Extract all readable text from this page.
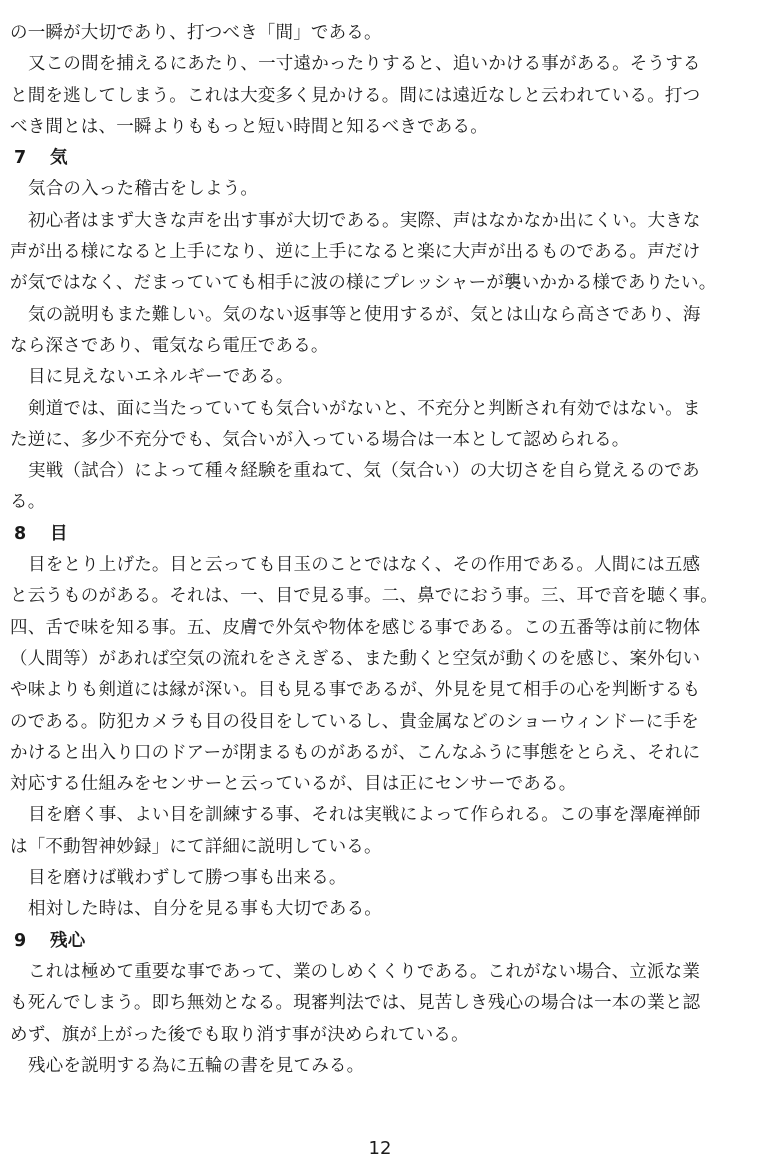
の一瞬が大切であり、打つべき「間」である。
又この間を捕えるにあたり、一寸遠かったりすると、追いかける事がある。そうする
と間を逃してしまう。これは大変多く見かける。間には遠近なしと云われている。打つ
べき間とは、一瞬よりももっと短い時間と知るべきである。
7 気
気合の入った稽古をしよう。
初心者はまず大きな声を出す事が大切である。実際、声はなかなか出にくい。大きな
声が出る様になると上手になり、逆に上手になると楽に大声が出るものである。声だけ
が気ではなく、だまっていても相手に波の様にプレッシャーが襲いかかる様でありたい。
気の説明もまた難しい。気のない返事等と使用するが、気とは山なら高さであり、海
なら深さであり、電気なら電圧である。
目に見えないエネルギーである。
剣道では、面に当たっていても気合いがないと、不充分と判断され有効ではない。ま
た逆に、多少不充分でも、気合いが入っている場合は一本として認められる。
実戦（試合）によって種々経験を重ねて、気（気合い）の大切さを自ら覚えるのであ
る。
8 目
目をとり上げた。目と云っても目玉のことではなく、その作用である。人間には五感
と云うものがある。それは、一、目で見る事。二、鼻でにおう事。三、耳で音を聴く事。
四、舌で味を知る事。五、皮膚で外気や物体を感じる事である。この五番等は前に物体
（人間等）があれば空気の流れをさえぎる、また動くと空気が動くのを感じ、案外匂い
や味よりも剣道には縁が深い。目も見る事であるが、外見を見て相手の心を判断するも
のである。防犯カメラも目の役目をしているし、貴金属などのショーウィンドーに手を
かけると出入り口のドアーが閉まるものがあるが、こんなふうに事態をとらえ、それに
対応する仕組みをセンサーと云っているが、目は正にセンサーである。
目を磨く事、よい目を訓練する事、それは実戦によって作られる。この事を澤庵禅師
は「不動智神妙録」にて詳細に説明している。
目を磨けば戦わずして勝つ事も出来る。
相対した時は、自分を見る事も大切である。
9 残心
これは極めて重要な事であって、業のしめくくりである。これがない場合、立派な業
も死んでしまう。即ち無効となる。現審判法では、見苦しき残心の場合は一本の業と認
めず、旗が上がった後でも取り消す事が決められている。
残心を説明する為に五輪の書を見てみる。
12
